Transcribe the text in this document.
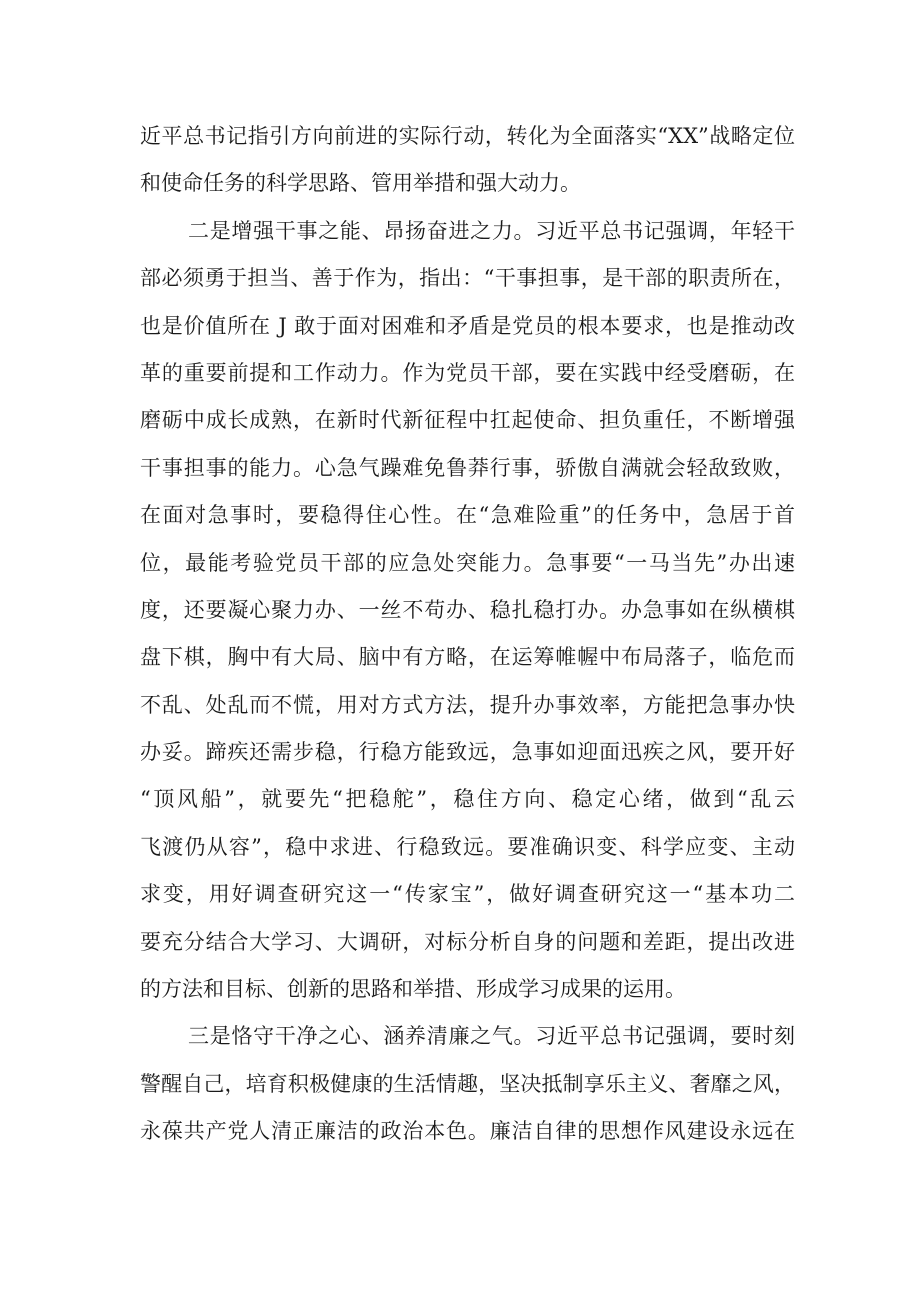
近平总书记指引方向前进的实际行动，转化为全面落实“XX”战略定位
和使命任务的科学思路、管用举措和强大动力。
二是增强干事之能、昂扬奋进之力。习近平总书记强调，年轻干
部必须勇于担当、善于作为，指出：“干事担事，是干部的职责所在，
也是价值所在 J 敢于面对困难和矛盾是党员的根本要求，也是推动改
革的重要前提和工作动力。作为党员干部，要在实践中经受磨砺，在
磨砺中成长成熟，在新时代新征程中扛起使命、担负重任，不断增强
干事担事的能力。心急气躁难免鲁莽行事，骄傲自满就会轻敌致败，
在面对急事时，要稳得住心性。在“急难险重”的任务中，急居于首
位，最能考验党员干部的应急处突能力。急事要“一马当先”办出速
度，还要凝心聚力办、一丝不苟办、稳扎稳打办。办急事如在纵横棋
盘下棋，胸中有大局、脑中有方略，在运筹帷幄中布局落子，临危而
不乱、处乱而不慌，用对方式方法，提升办事效率，方能把急事办快
办妥。蹄疾还需步稳，行稳方能致远，急事如迎面迅疾之风，要开好
“顶风船”，就要先“把稳舵”，稳住方向、稳定心绪，做到“乱云
飞渡仍从容”，稳中求进、行稳致远。要准确识变、科学应变、主动
求变，用好调查研究这一“传家宝”，做好调查研究这一“基本功二
要充分结合大学习、大调研，对标分析自身的问题和差距，提出改进
的方法和目标、创新的思路和举措、形成学习成果的运用。
三是恪守干净之心、涵养清廉之气。习近平总书记强调，要时刻
警醒自己，培育积极健康的生活情趣，坚决抵制享乐主义、奢靡之风，
永葆共产党人清正廉洁的政治本色。廉洁自律的思想作风建设永远在
